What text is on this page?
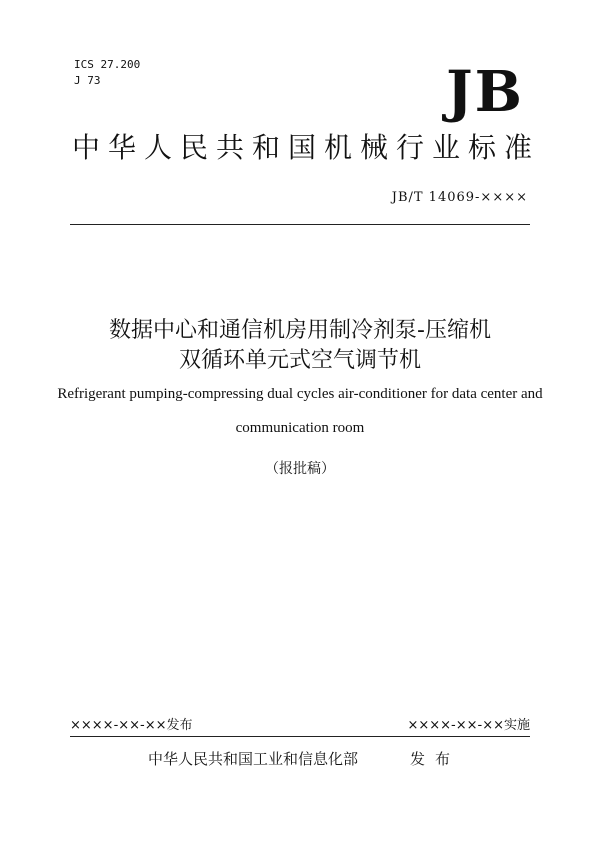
ICS 27.200
J 73	JB
中华人民共和国机械行业标准
JB/T 14069-××××
数据中心和通信机房用制冷剂泵-压缩机
双循环单元式空气调节机
Refrigerant pumping-compressing dual cycles air-conditioner for data center and
communication room
（报批稿）
××××-××-××发布	××××-××-××实施
中华人民共和国工业和信息化部	发布
